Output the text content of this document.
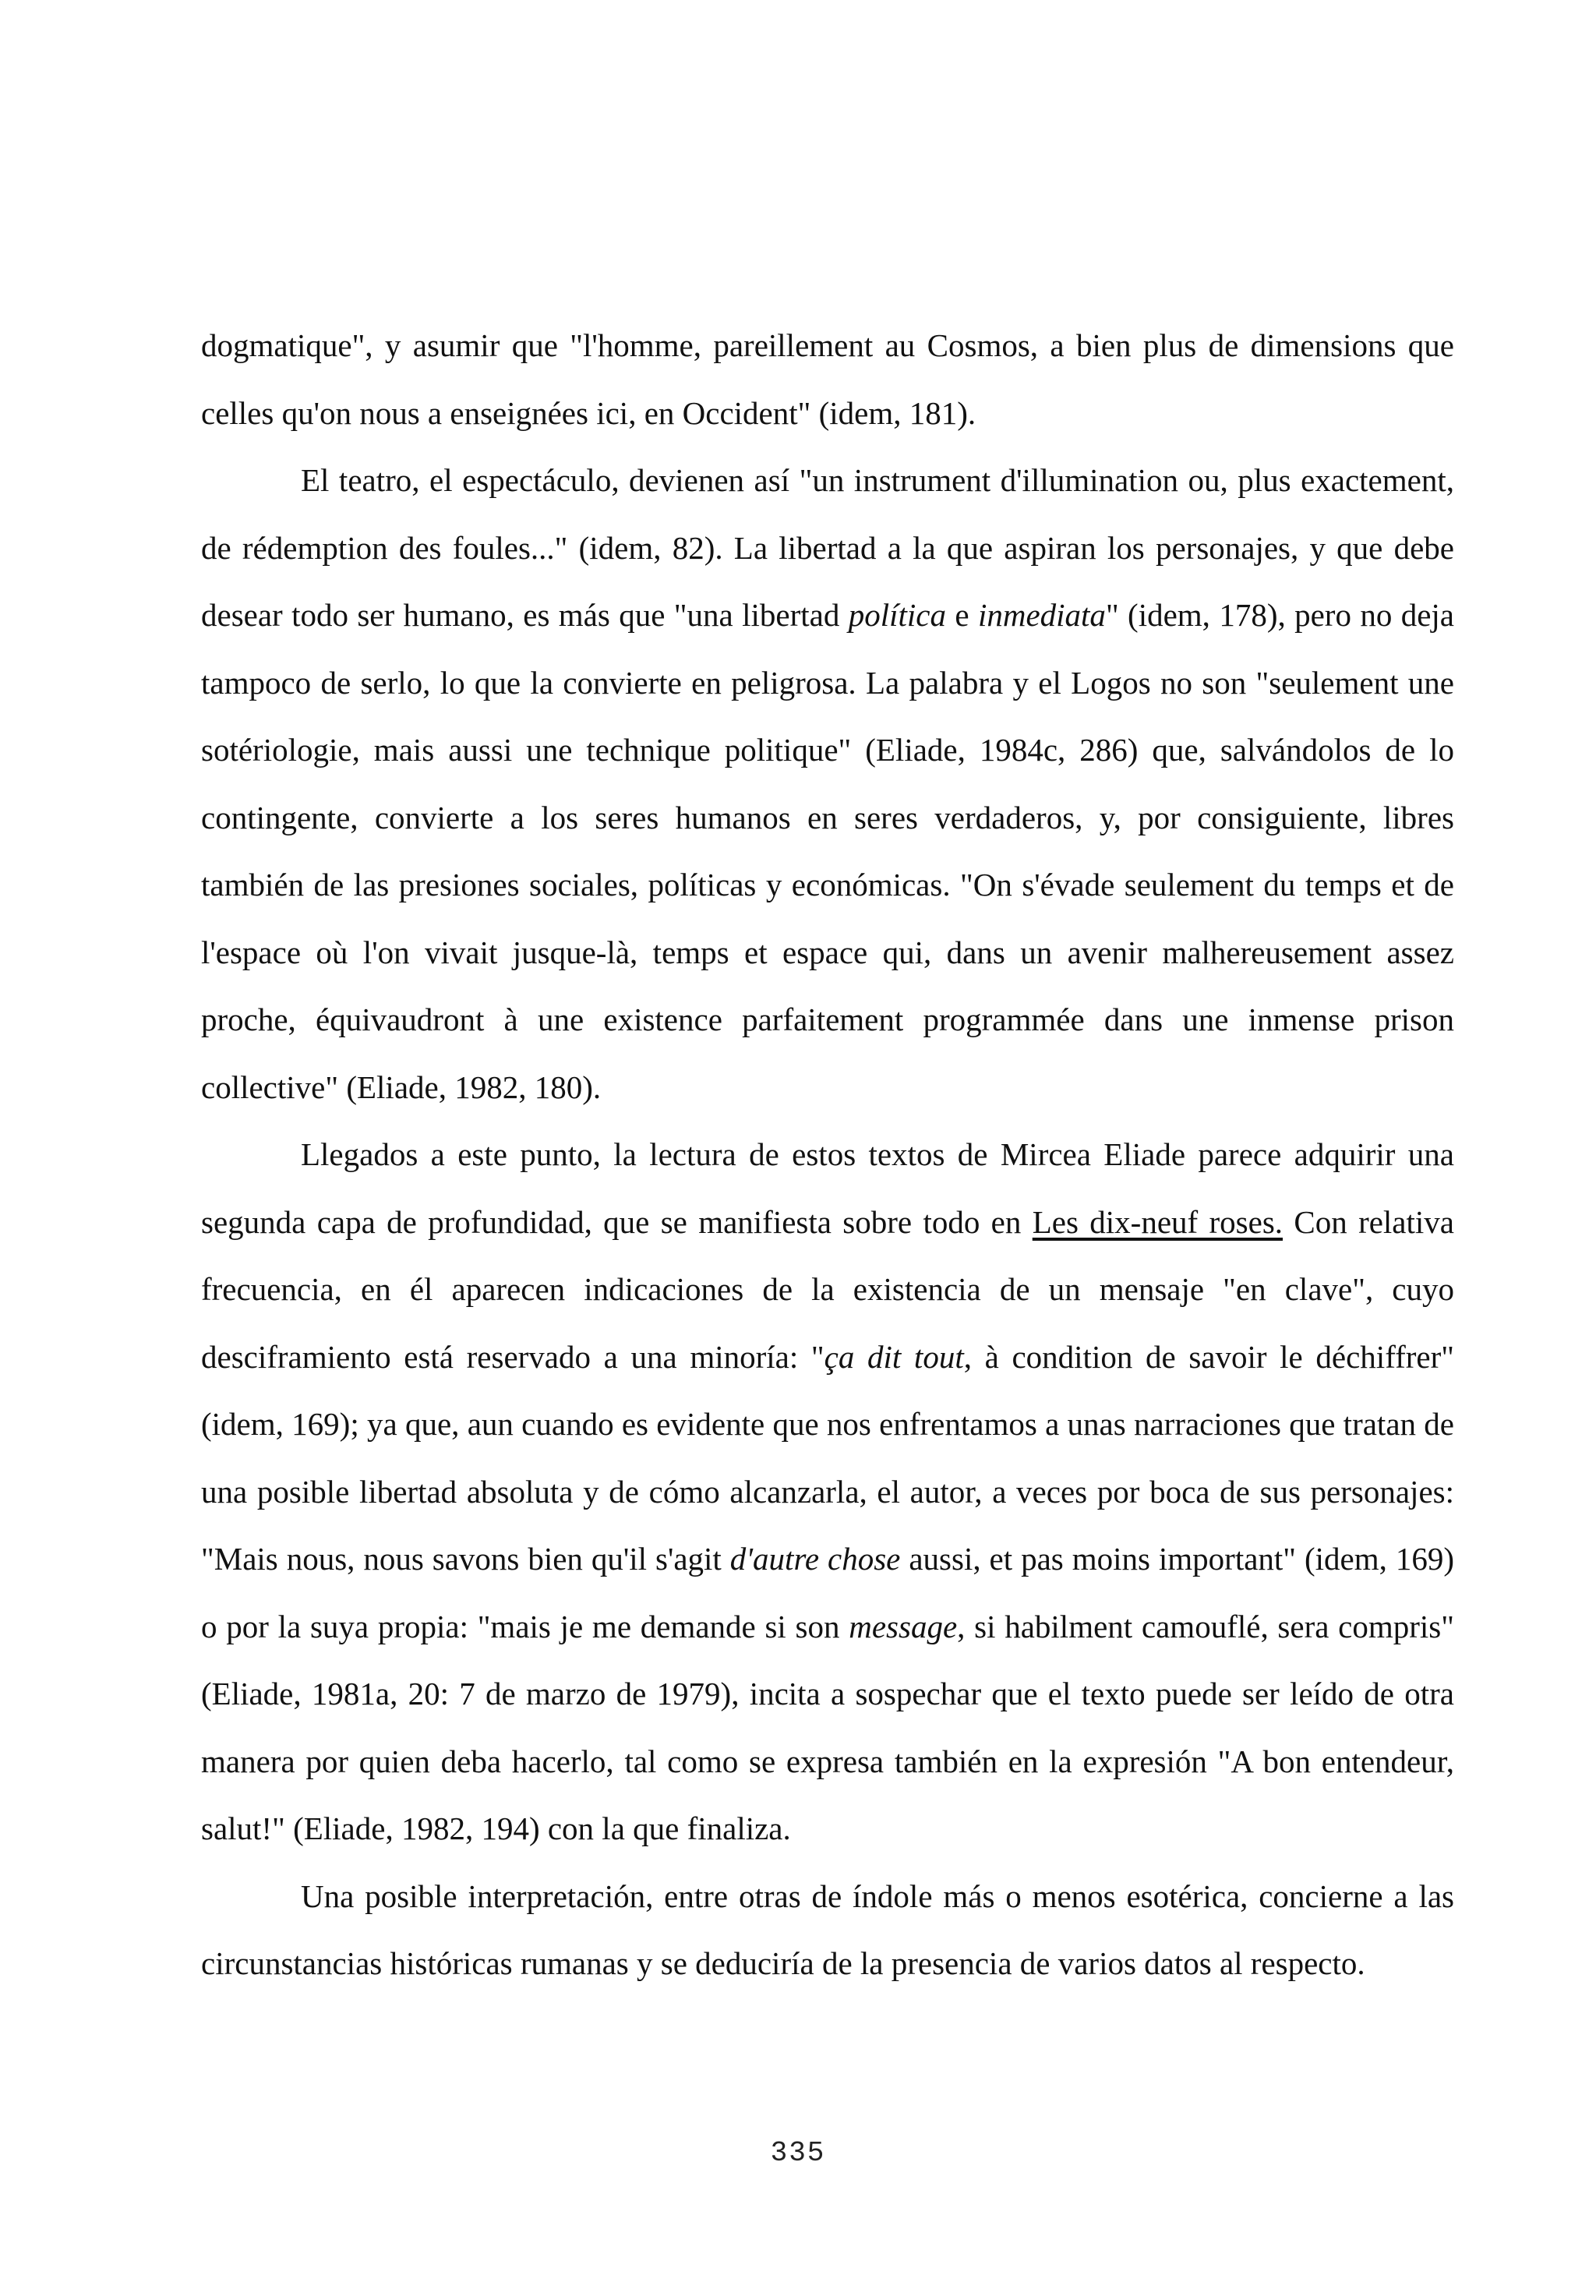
dogmatique", y asumir que "l'homme, pareillement au Cosmos, a bien plus de dimensions que celles qu'on nous a enseignées ici, en Occident" (idem, 181).

El teatro, el espectáculo, devienen así "un instrument d'illumination ou, plus exactement, de rédemption des foules..." (idem, 82). La libertad a la que aspiran los personajes, y que debe desear todo ser humano, es más que "una libertad política e inmediata" (idem, 178), pero no deja tampoco de serlo, lo que la convierte en peligrosa. La palabra y el Logos no son "seulement une sotériologie, mais aussi une technique politique" (Eliade, 1984c, 286) que, salvándolos de lo contingente, convierte a los seres humanos en seres verdaderos, y, por consiguiente, libres también de las presiones sociales, políticas y económicas. "On s'évade seulement du temps et de l'espace où l'on vivait jusque-là, temps et espace qui, dans un avenir malhereusement assez proche, équivaudront à une existence parfaitement programmée dans une inmense prison collective" (Eliade, 1982, 180).

Llegados a este punto, la lectura de estos textos de Mircea Eliade parece adquirir una segunda capa de profundidad, que se manifiesta sobre todo en Les dix-neuf roses. Con relativa frecuencia, en él aparecen indicaciones de la existencia de un mensaje "en clave", cuyo desciframiento está reservado a una minoría: "ça dit tout, à condition de savoir le déchiffrer" (idem, 169); ya que, aun cuando es evidente que nos enfrentamos a unas narraciones que tratan de una posible libertad absoluta y de cómo alcanzarla, el autor, a veces por boca de sus personajes: "Mais nous, nous savons bien qu'il s'agit d'autre chose aussi, et pas moins important" (idem, 169) o por la suya propia: "mais je me demande si son message, si habilment camouflé, sera compris" (Eliade, 1981a, 20: 7 de marzo de 1979), incita a sospechar que el texto puede ser leído de otra manera por quien deba hacerlo, tal como se expresa también en la expresión "A bon entendeur, salut!" (Eliade, 1982, 194) con la que finaliza.

Una posible interpretación, entre otras de índole más o menos esotérica, concierne a las circunstancias históricas rumanas y se deduciría de la presencia de varios datos al respecto.

335
